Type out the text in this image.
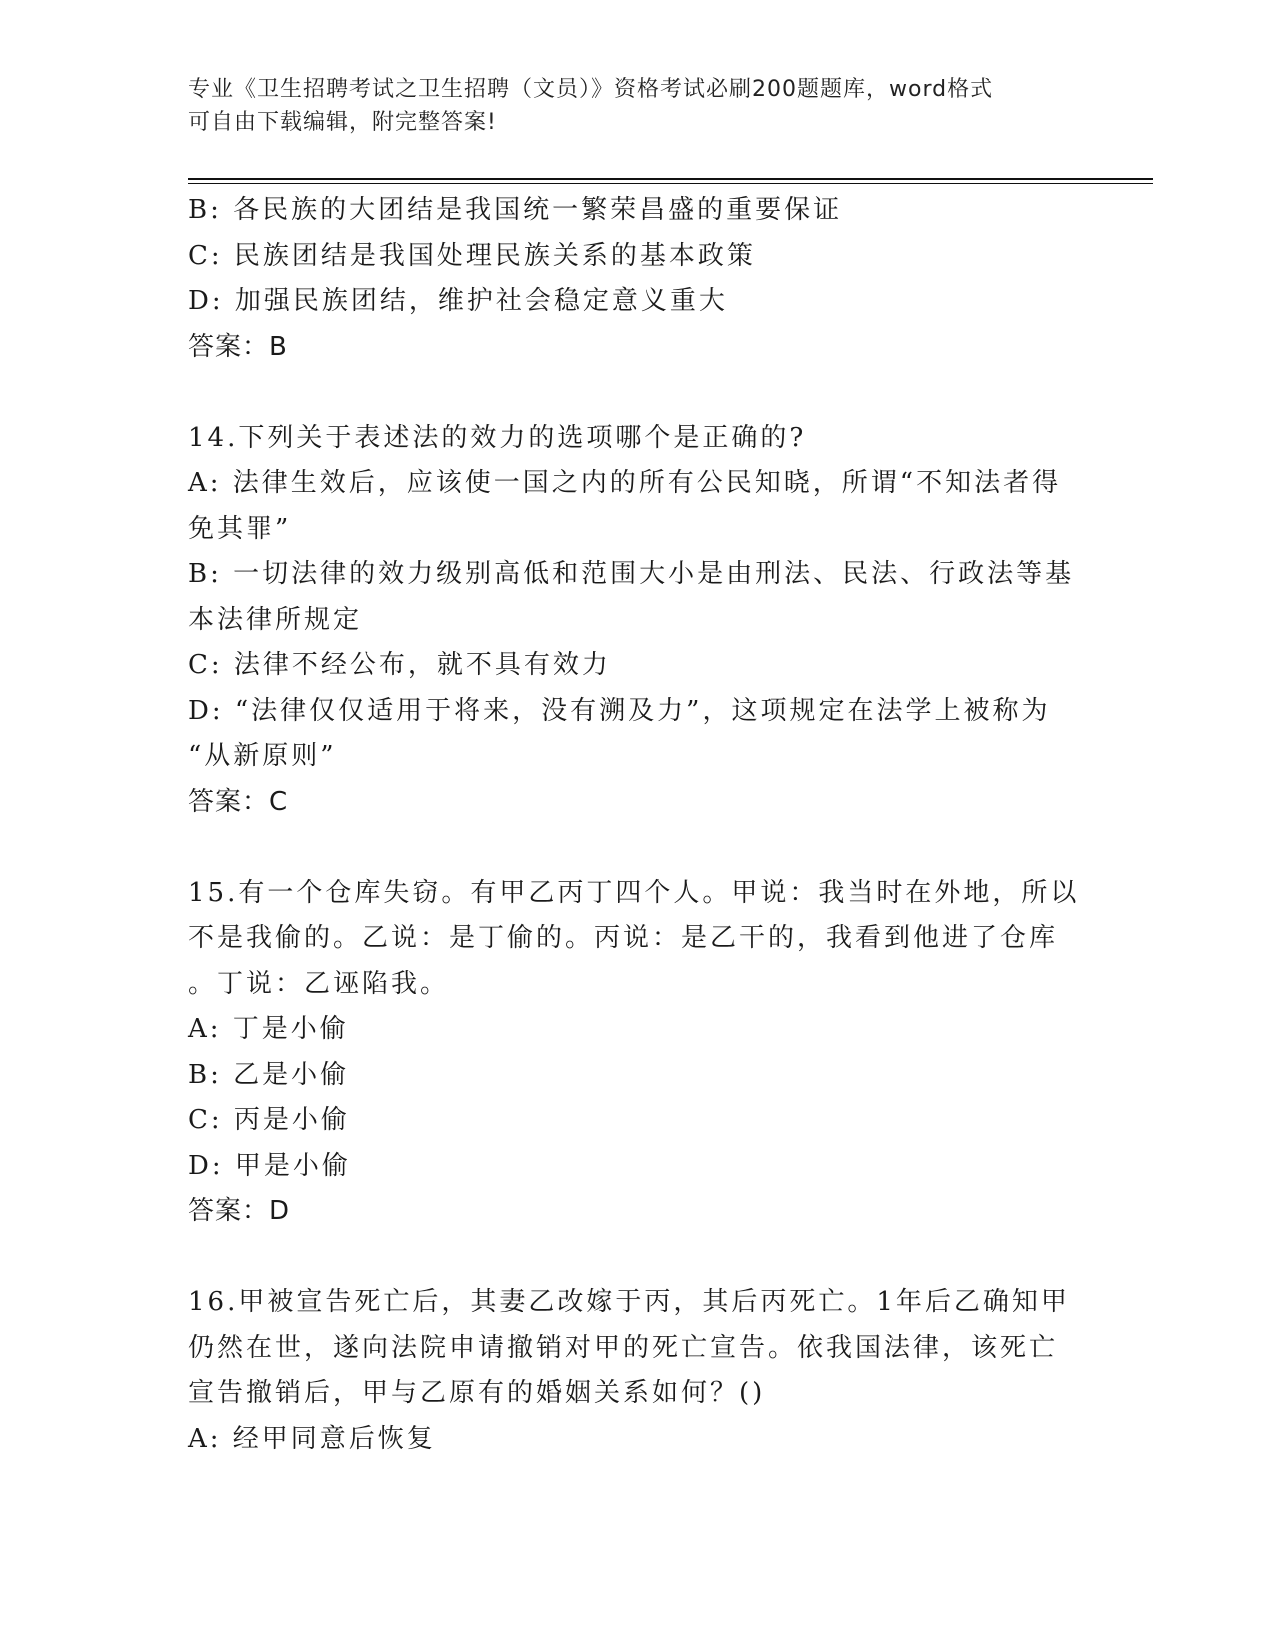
专业《卫生招聘考试之卫生招聘（文员）》资格考试必刷200题题库，word格式
可自由下载编辑，附完整答案!
B: 各民族的大团结是我国统一繁荣昌盛的重要保证
C: 民族团结是我国处理民族关系的基本政策
D: 加强民族团结，维护社会稳定意义重大
答案：B
14.下列关于表述法的效力的选项哪个是正确的?
A: 法律生效后，应该使一国之内的所有公民知晓，所谓“不知法者得
免其罪”
B: 一切法律的效力级别高低和范围大小是由刑法、民法、行政法等基
本法律所规定
C: 法律不经公布，就不具有效力
D: “法律仅仅适用于将来，没有溯及力”，这项规定在法学上被称为
“从新原则”
答案：C
15.有一个仓库失窃。有甲乙丙丁四个人。甲说：我当时在外地，所以
不是我偷的。乙说：是丁偷的。丙说：是乙干的，我看到他进了仓库
。丁说：乙诬陷我。
A: 丁是小偷
B: 乙是小偷
C: 丙是小偷
D: 甲是小偷
答案：D
16.甲被宣告死亡后，其妻乙改嫁于丙，其后丙死亡。1年后乙确知甲
仍然在世，遂向法院申请撤销对甲的死亡宣告。依我国法律，该死亡
宣告撤销后，甲与乙原有的婚姻关系如何？()
A: 经甲同意后恢复
